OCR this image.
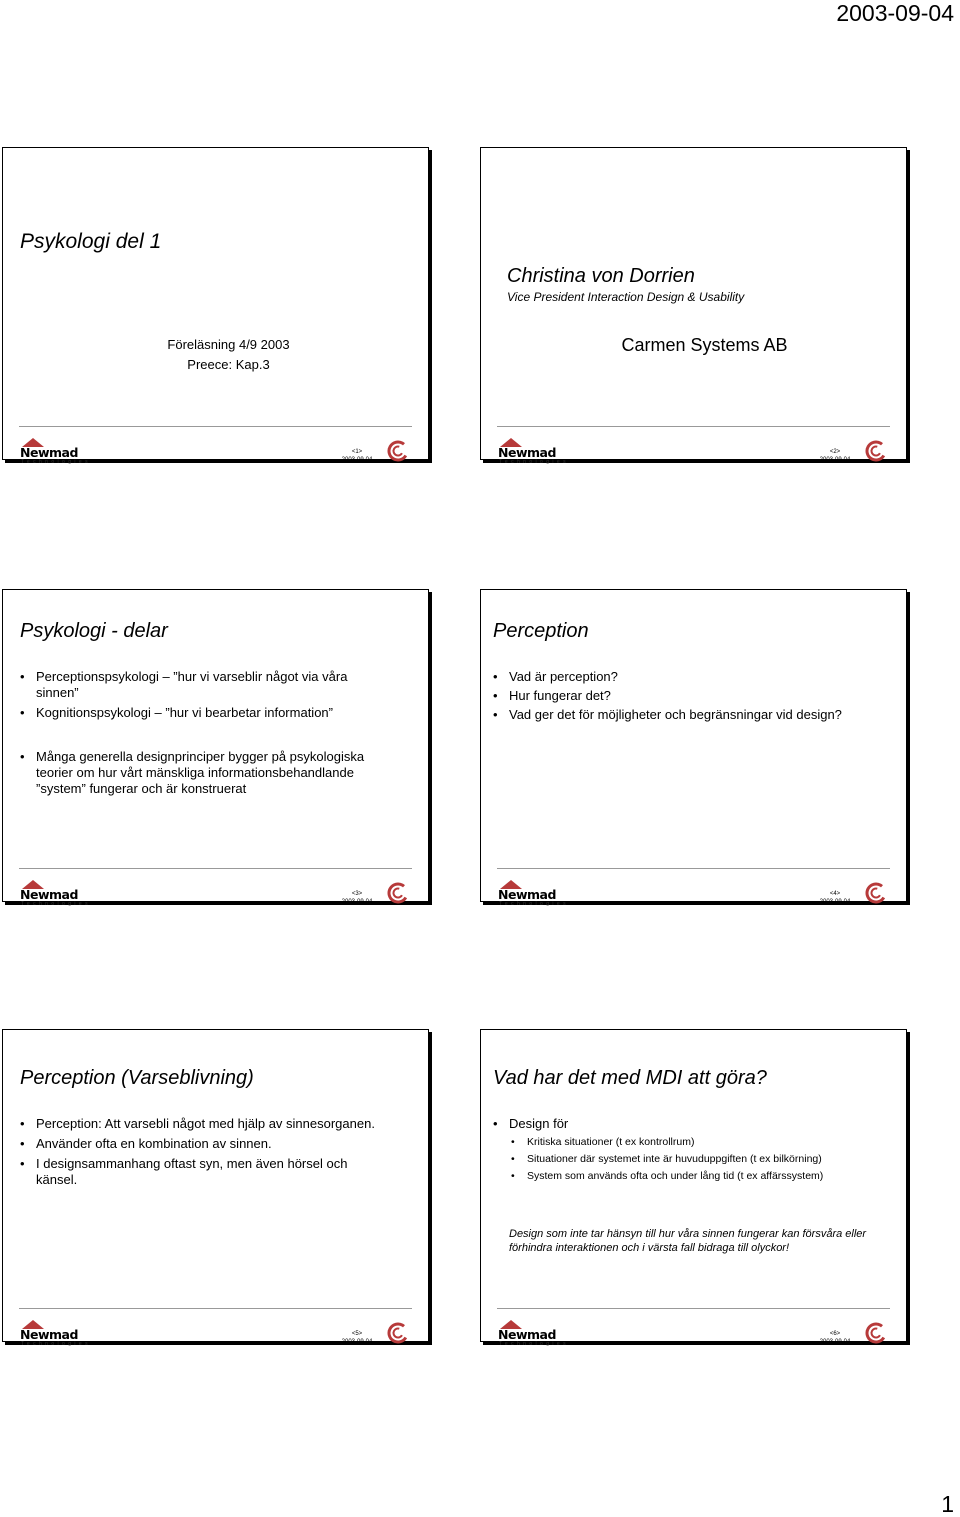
2003-09-04
Psykologi del 1
Föreläsning 4/9 2003
Preece: Kap.3
Newmad
Technologies
<1>
2003-09-04
Christina von Dorrien
Vice President Interaction Design & Usability
Carmen Systems AB
Newmad
Technologies
<2>
2003-09-04
Psykologi - delar
• Perceptionspsykologi – ”hur vi varseblir något via våra sinnen”
• Kognitionspsykologi – ”hur vi bearbetar information”
• Många generella designprinciper bygger på psykologiska teorier om hur vårt mänskliga informationsbehandlande ”system” fungerar och är konstruerat
Newmad
Technologies
<3>
2003-09-04
Perception
• Vad är perception?
• Hur fungerar det?
• Vad ger det för möjligheter och begränsningar vid design?
Newmad
Technologies
<4>
2003-09-04
Perception (Varseblivning)
• Perception: Att varsebli något med hjälp av sinnesorganen.
• Använder ofta en kombination av sinnen.
• I designsammanhang oftast syn, men även hörsel och känsel.
Newmad
Technologies
<5>
2003-09-04
Vad har det med MDI att göra?
• Design för
• Kritiska situationer (t ex kontrollrum)
• Situationer där systemet inte är huvuduppgiften (t ex bilkörning)
• System som används ofta och under lång tid (t ex affärssystem)
Design som inte tar hänsyn till hur våra sinnen fungerar kan försvåra eller förhindra interaktionen och i värsta fall bidraga till olyckor!
Newmad
Technologies
<6>
2003-09-04
1
